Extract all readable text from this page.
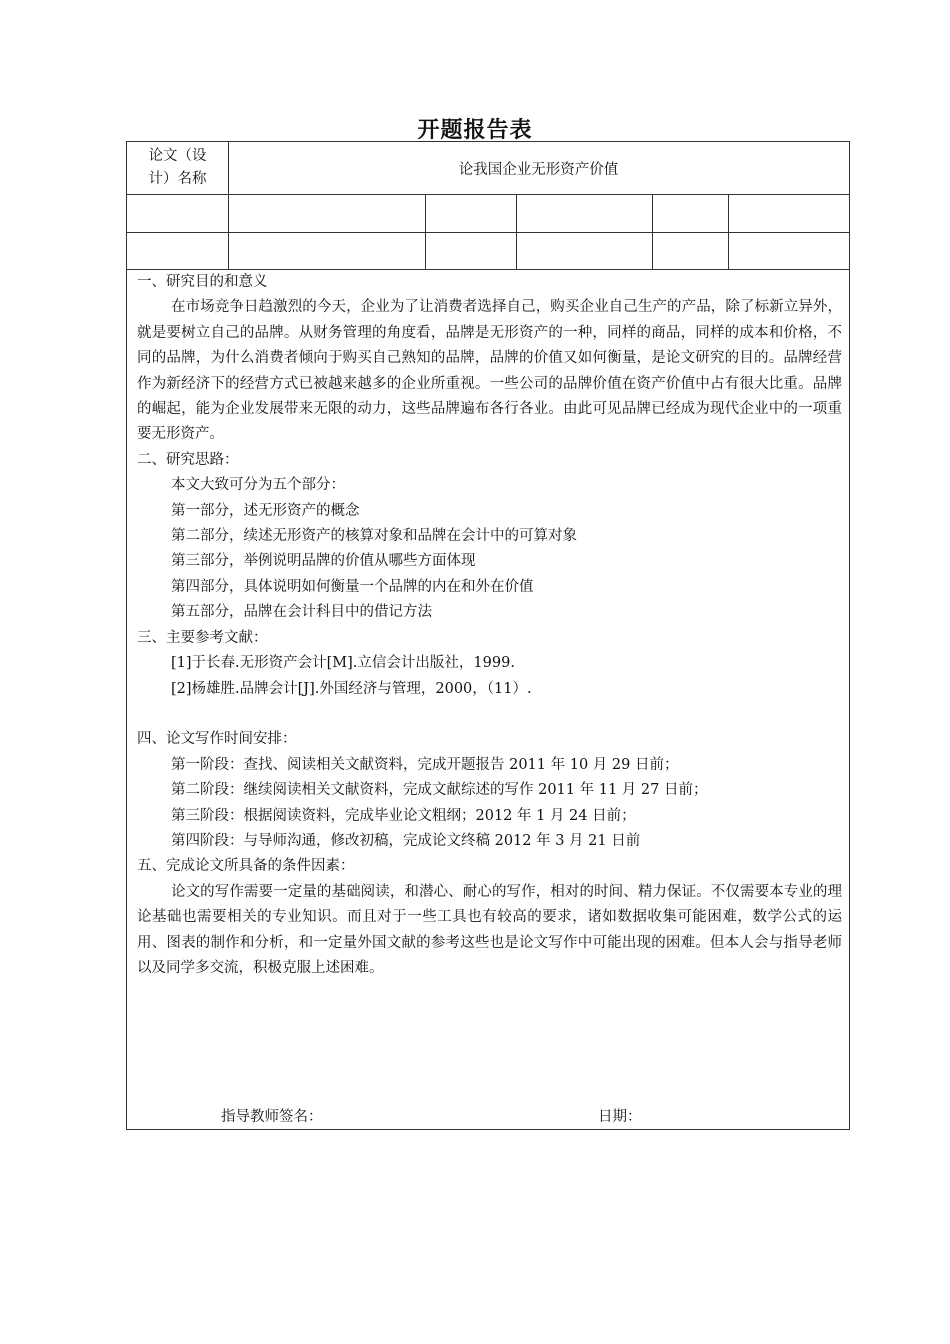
开题报告表
论文（设
计）名称
论我国企业无形资产价值

一、研究目的和意义

在市场竞争日趋激烈的今天，企业为了让消费者选择自己，购买企业自己生产的产品，除了标新立异外，就是要树立自己的品牌。从财务管理的角度看，品牌是无形资产的一种，同样的商品，同样的成本和价格，不同的品牌，为什么消费者倾向于购买自己熟知的品牌，品牌的价值又如何衡量，是论文研究的目的。品牌经营作为新经济下的经营方式已被越来越多的企业所重视。一些公司的品牌价值在资产价值中占有很大比重。品牌的崛起，能为企业发展带来无限的动力，这些品牌遍布各行各业。由此可见品牌已经成为现代企业中的一项重要无形资产。

二、研究思路：

本文大致可分为五个部分：

第一部分，述无形资产的概念

第二部分，续述无形资产的核算对象和品牌在会计中的可算对象

第三部分，举例说明品牌的价值从哪些方面体现

第四部分，具体说明如何衡量一个品牌的内在和外在价值

第五部分，品牌在会计科目中的借记方法

三、主要参考文献：

[1]于长春.无形资产会计[M].立信会计出版社，1999.

[2]杨雄胜.品牌会计[J].外国经济与管理，2000，（11）.

四、论文写作时间安排：

第一阶段：查找、阅读相关文献资料，完成开题报告 2011 年 10 月 29 日前；

第二阶段：继续阅读相关文献资料，完成文献综述的写作 2011 年 11 月 27 日前；

第三阶段：根据阅读资料，完成毕业论文粗纲；2012 年 1 月 24 日前；

第四阶段：与导师沟通，修改初稿，完成论文终稿 2012 年 3 月 21 日前

五、完成论文所具备的条件因素：

论文的写作需要一定量的基础阅读，和潜心、耐心的写作，相对的时间、精力保证。不仅需要本专业的理论基础也需要相关的专业知识。而且对于一些工具也有较高的要求，诸如数据收集可能困难，数学公式的运用、图表的制作和分析，和一定量外国文献的参考这些也是论文写作中可能出现的困难。但本人会与指导老师以及同学多交流，积极克服上述困难。

指导教师签名：	日期：
